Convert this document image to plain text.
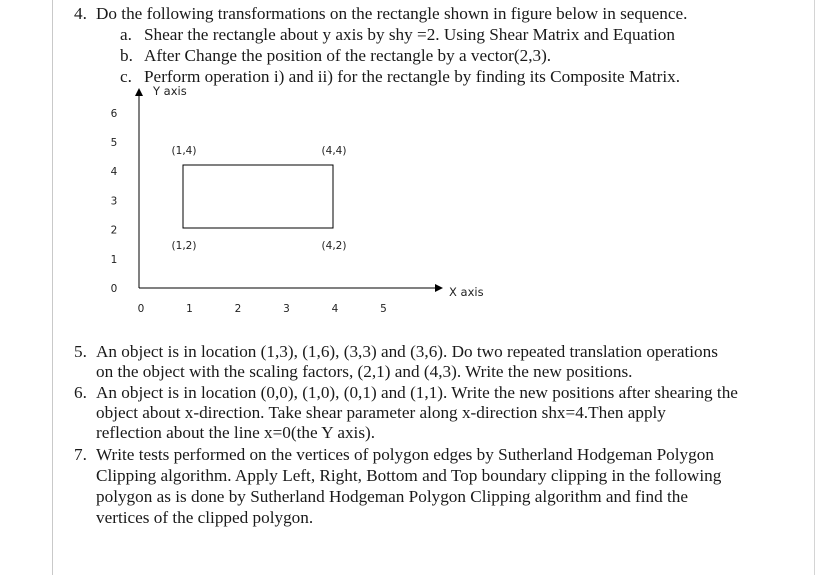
4. Do the following transformations on the rectangle shown in figure below in sequence.
a. Shear the rectangle about y axis by shy =2. Using Shear Matrix and Equation
b. After Change the position of the rectangle by a vector(2,3).
c. Perform operation i) and ii) for the rectangle by finding its Composite Matrix.
Y axis
X axis
0
1
2
3
4
5
6
0	1	2	3	4	5
(1,4)	(4,4)
(1,2)	(4,2)
5. An object is in location (1,3), (1,6), (3,3) and (3,6). Do two repeated translation operations
on the object with the scaling factors, (2,1) and (4,3). Write the new positions.
6. An object is in location (0,0), (1,0), (0,1) and (1,1). Write the new positions after shearing the
object about x-direction. Take shear parameter along x-direction shx=4.Then apply
reflection about the line x=0(the Y axis).
7. Write tests performed on the vertices of polygon edges by Sutherland Hodgeman Polygon
Clipping algorithm. Apply Left, Right, Bottom and Top boundary clipping in the following
polygon as is done by Sutherland Hodgeman Polygon Clipping algorithm and find the
vertices of the clipped polygon.
